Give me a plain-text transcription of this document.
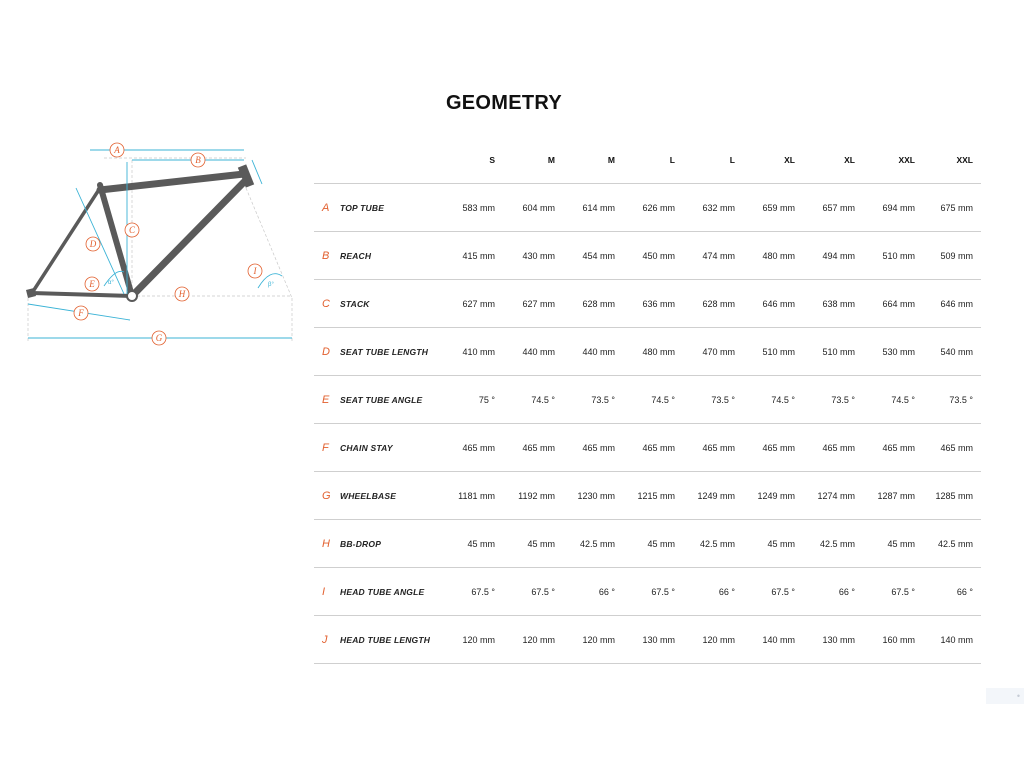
GEOMETRY
A
B
C
D
E
F
G
H
I
α°	β°
	S	M	M	L	L	XL	XL	XXL	XXL
A TOP TUBE	583 mm	604 mm	614 mm	626 mm	632 mm	659 mm	657 mm	694 mm	675 mm
B REACH	415 mm	430 mm	454 mm	450 mm	474 mm	480 mm	494 mm	510 mm	509 mm
C STACK	627 mm	627 mm	628 mm	636 mm	628 mm	646 mm	638 mm	664 mm	646 mm
D SEAT TUBE LENGTH	410 mm	440 mm	440 mm	480 mm	470 mm	510 mm	510 mm	530 mm	540 mm
E SEAT TUBE ANGLE	75 °	74.5 °	73.5 °	74.5 °	73.5 °	74.5 °	73.5 °	74.5 °	73.5 °
F CHAIN STAY	465 mm	465 mm	465 mm	465 mm	465 mm	465 mm	465 mm	465 mm	465 mm
G WHEELBASE	1181 mm	1192 mm	1230 mm	1215 mm	1249 mm	1249 mm	1274 mm	1287 mm	1285 mm
H BB-DROP	45 mm	45 mm	42.5 mm	45 mm	42.5 mm	45 mm	42.5 mm	45 mm	42.5 mm
I HEAD TUBE ANGLE	67.5 °	67.5 °	66 °	67.5 °	66 °	67.5 °	66 °	67.5 °	66 °
J HEAD TUBE LENGTH	120 mm	120 mm	120 mm	130 mm	120 mm	140 mm	130 mm	160 mm	140 mm
•
